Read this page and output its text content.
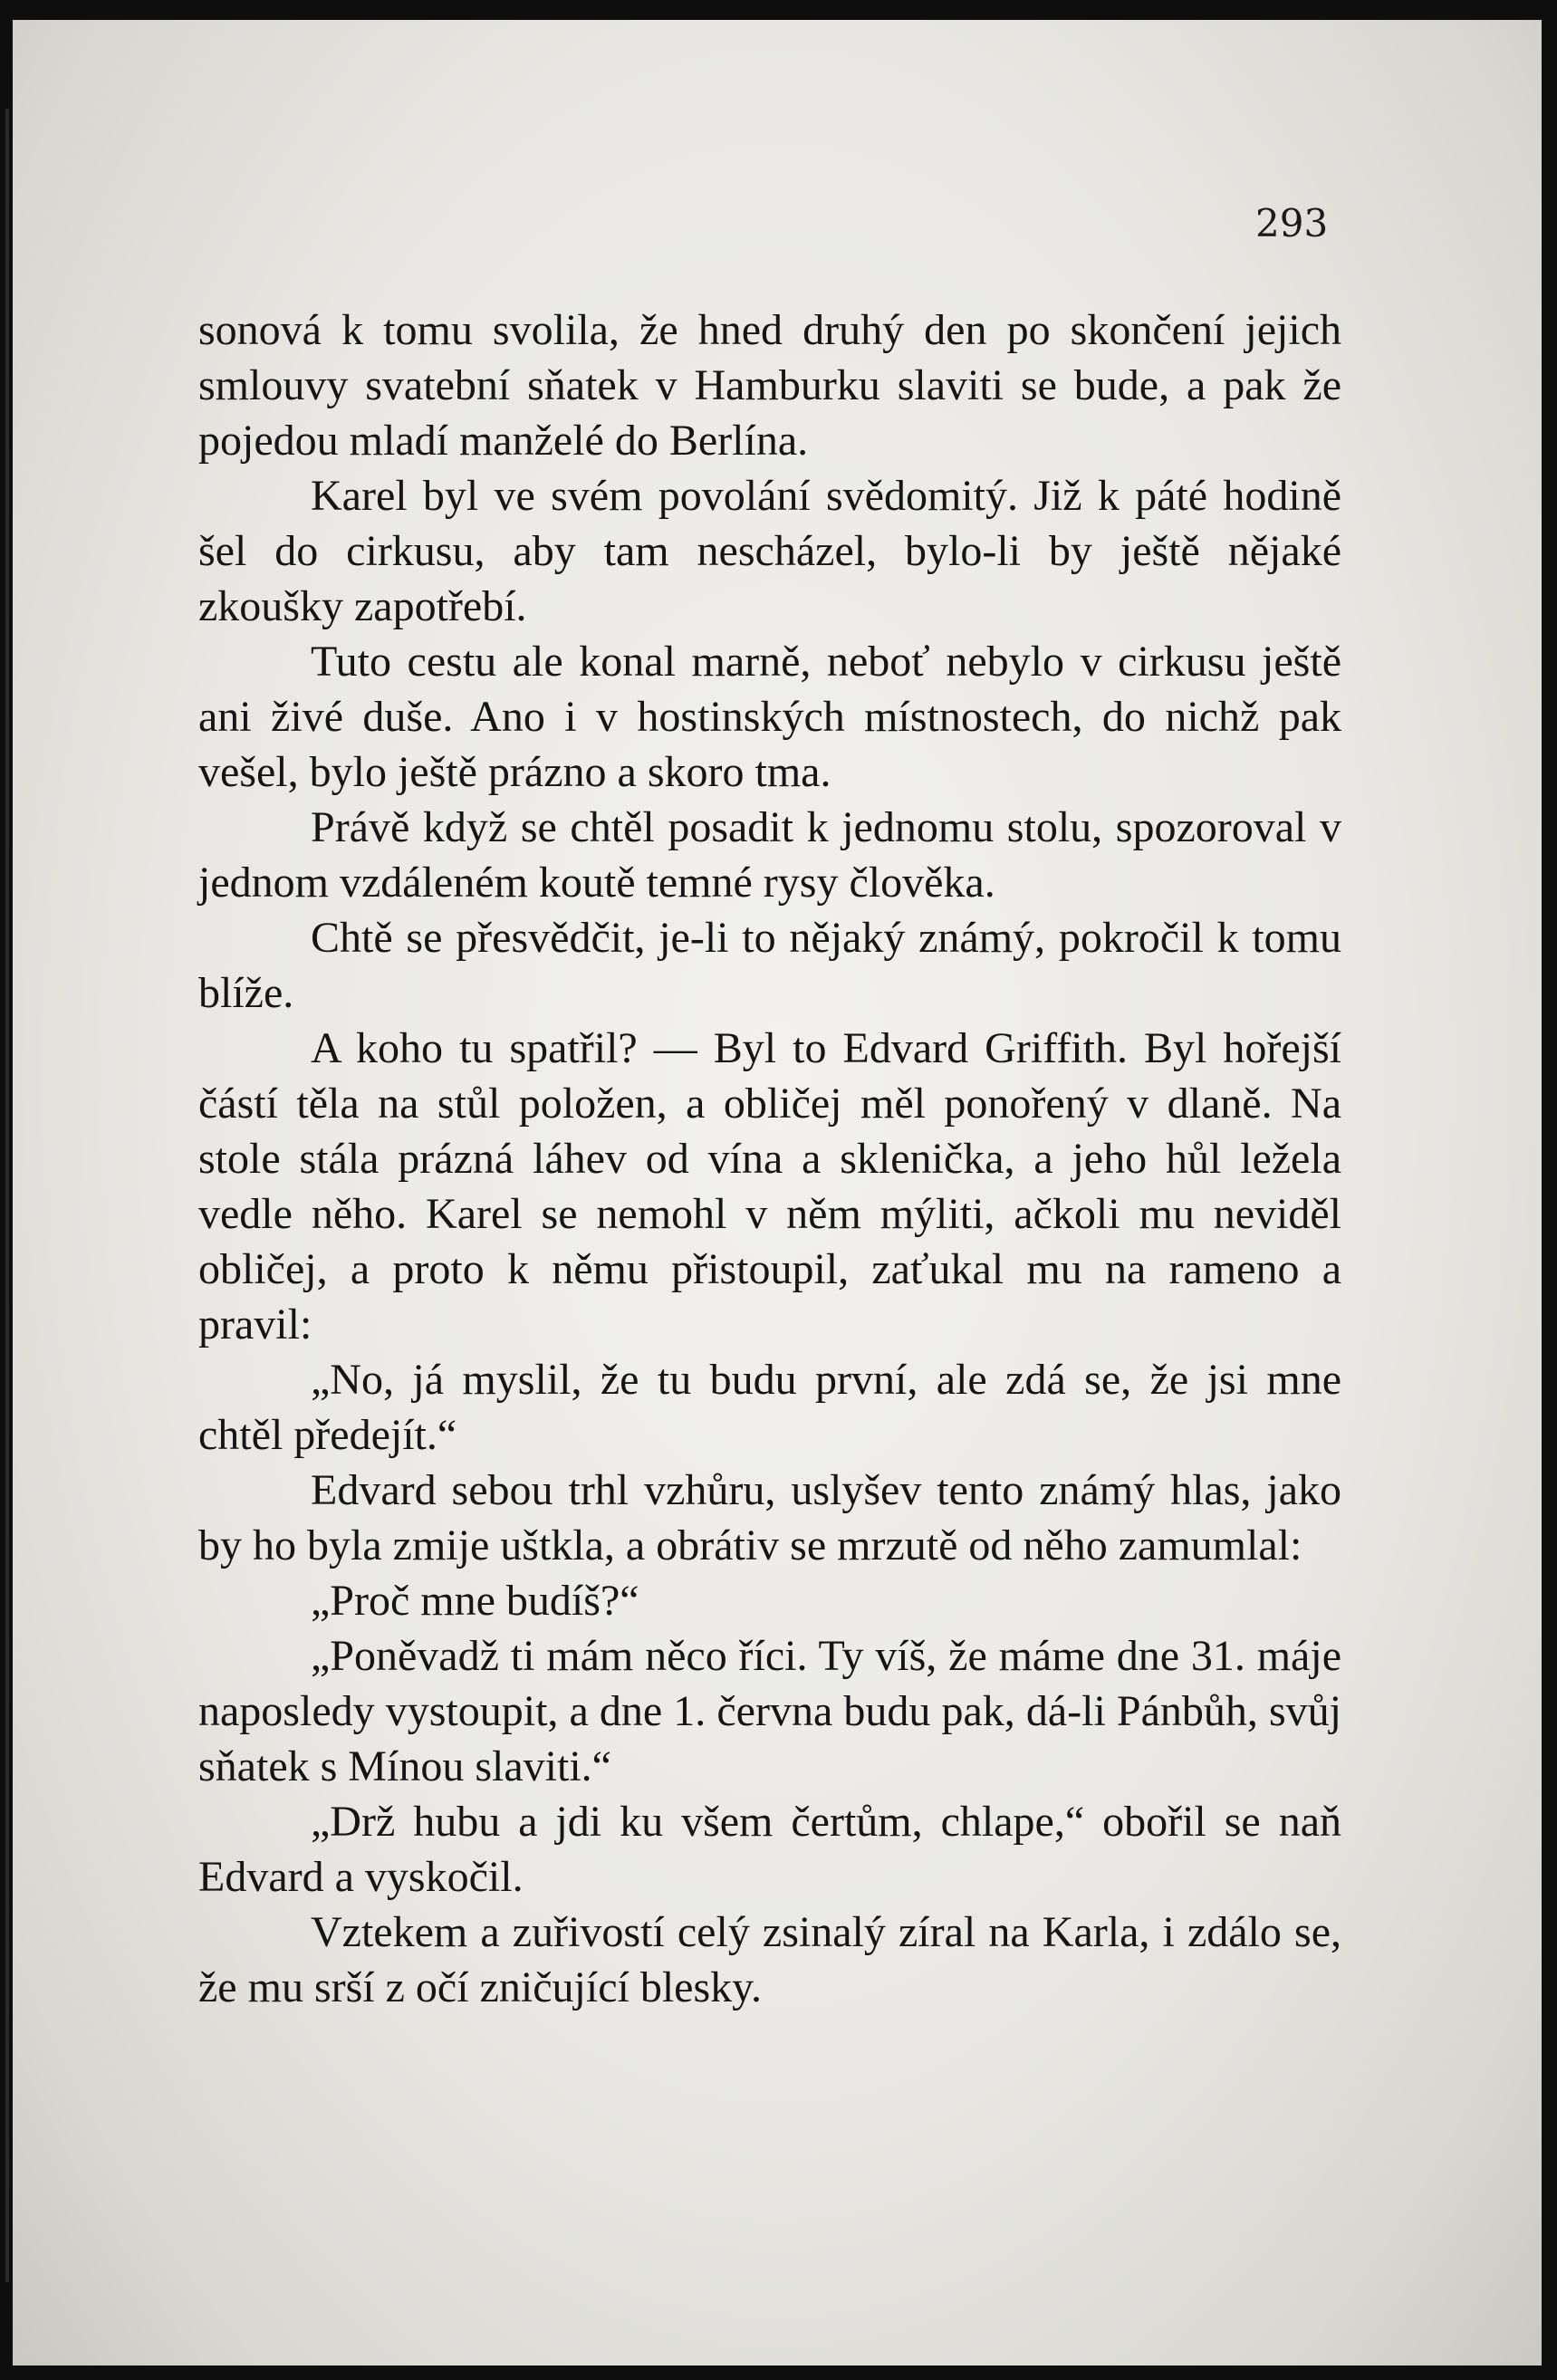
293

sonová k tomu svolila, že hned druhý den po skončení jejich smlouvy svatební sňatek v Hamburku slaviti se bude, a pak že pojedou mladí manželé do Berlína.

Karel byl ve svém povolání svědomitý. Již k páté hodině šel do cirkusu, aby tam nescházel, bylo-li by ještě nějaké zkoušky zapotřebí.

Tuto cestu ale konal marně, neboť nebylo v cirkusu ještě ani živé duše. Ano i v hostinských místnostech, do nichž pak vešel, bylo ještě prázno a skoro tma.

Právě když se chtěl posadit k jednomu stolu, spozoroval v jednom vzdáleném koutě temné rysy člověka.

Chtě se přesvědčit, je-li to nějaký známý, pokročil k tomu blíže.

A koho tu spatřil? — Byl to Edvard Griffith. Byl hořejší částí těla na stůl položen, a obličej měl ponořený v dlaně. Na stole stála prázná láhev od vína a sklenička, a jeho hůl ležela vedle něho. Karel se nemohl v něm mýliti, ačkoli mu neviděl obličej, a proto k němu přistoupil, zaťukal mu na rameno a pravil:

„No, já myslil, že tu budu první, ale zdá se, že jsi mne chtěl předejít.“

Edvard sebou trhl vzhůru, uslyšev tento známý hlas, jako by ho byla zmije uštkla, a obrátiv se mrzutě od něho zamumlal:

„Proč mne budíš?“

„Poněvadž ti mám něco říci. Ty víš, že máme dne 31. máje naposledy vystoupit, a dne 1. června budu pak, dá-li Pánbůh, svůj sňatek s Mínou slaviti.“

„Drž hubu a jdi ku všem čertům, chlape,“ obořil se naň Edvard a vyskočil.

Vztekem a zuřivostí celý zsinalý zíral na Karla, i zdálo se, že mu srší z očí zničující blesky.
